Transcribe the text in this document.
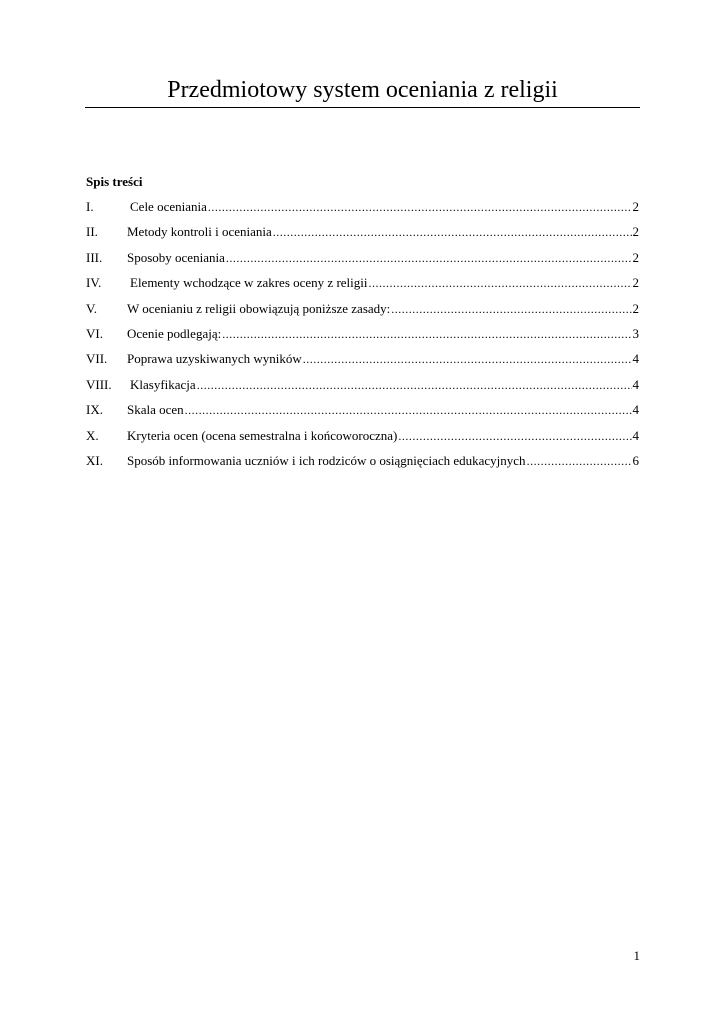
Przedmiotowy system oceniania z religii
Spis treści
I.	Cele oceniania .....	2
II.	Metody kontroli i oceniania .....	2
III.	Sposoby oceniania .....	2
IV.	Elementy wchodzące w zakres oceny z religii .....	2
V.	W ocenianiu z religii obowiązują poniższe zasady: .....	2
VI.	Ocenie podlegają: .....	3
VII.	Poprawa uzyskiwanych wyników .....	4
VIII.	Klasyfikacja .....	4
IX.	Skala ocen .....	4
X.	Kryteria ocen (ocena semestralna i końcoworoczna) .....	4
XI.	Sposób informowania uczniów i ich rodziców o osiągnięciach edukacyjnych .....	6
1
